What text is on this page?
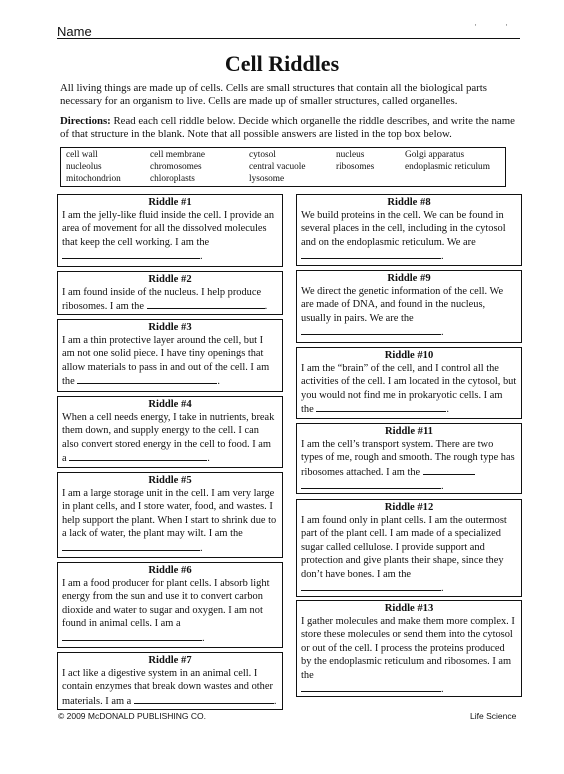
Name	·	·
Cell Riddles
All living things are made up of cells. Cells are small structures that contain all the biological parts necessary for an organism to live. Cells are made up of smaller structures, called organelles.
Directions: Read each cell riddle below. Decide which organelle the riddle describes, and write the name of that structure in the blank. Note that all possible answers are listed in the top box below.
cell wall	cell membrane	cytosol	nucleus	Golgi apparatus
nucleolus	chromosomes	central vacuole	ribosomes	endoplasmic reticulum
mitochondrion	chloroplasts	lysosome
Riddle #1
I am the jelly-like fluid inside the cell. I provide an area of movement for all the dissolved molecules that keep the cell working. I am the .
Riddle #2
I am found inside of the nucleus. I help produce ribosomes. I am the	.
Riddle #3
I am a thin protective layer around the cell, but I am not one solid piece. I have tiny openings that allow materials to pass in and out of the cell. I am the	.
Riddle #4
When a cell needs energy, I take in nutrients, break them down, and supply energy to the cell. I can also convert stored energy in the cell to food. I am a	.
Riddle #5
I am a large storage unit in the cell. I am very large in plant cells, and I store water, food, and wastes. I help support the plant. When I start to shrink due to a lack of water, the plant may wilt. I am the .
Riddle #6
I am a food producer for plant cells. I absorb light energy from the sun and use it to convert carbon dioxide and water to sugar and oxygen. I am not found in animal cells. I am a
.
Riddle #7
I act like a digestive system in an animal cell. I contain enzymes that break down wastes and other materials. I am a	.
Riddle #8
We build proteins in the cell. We can be found in several places in the cell, including in the cytosol and on the endoplasmic reticulum. We are .
Riddle #9
We direct the genetic information of the cell. We are made of DNA, and found in the nucleus, usually in pairs. We are the
.
Riddle #10
I am the “brain” of the cell, and I control all the activities of the cell. I am located in the cytosol, but you would not find me in prokaryotic cells. I am the	.
Riddle #11
I am the cell’s transport system. There are two types of me, rough and smooth. The rough type has ribosomes attached. I am the
.
Riddle #12
I am found only in plant cells. I am the outermost part of the plant cell. I am made of a specialized sugar called cellulose. I provide support and protection and give plants their shape, since they don’t have bones. I am the
.
Riddle #13
I gather molecules and make them more complex. I store these molecules or send them into the cytosol or out of the cell. I process the proteins produced by the endoplasmic reticulum and ribosomes. I am the
.
© 2009 McDONALD PUBLISHING CO.	Life Science
